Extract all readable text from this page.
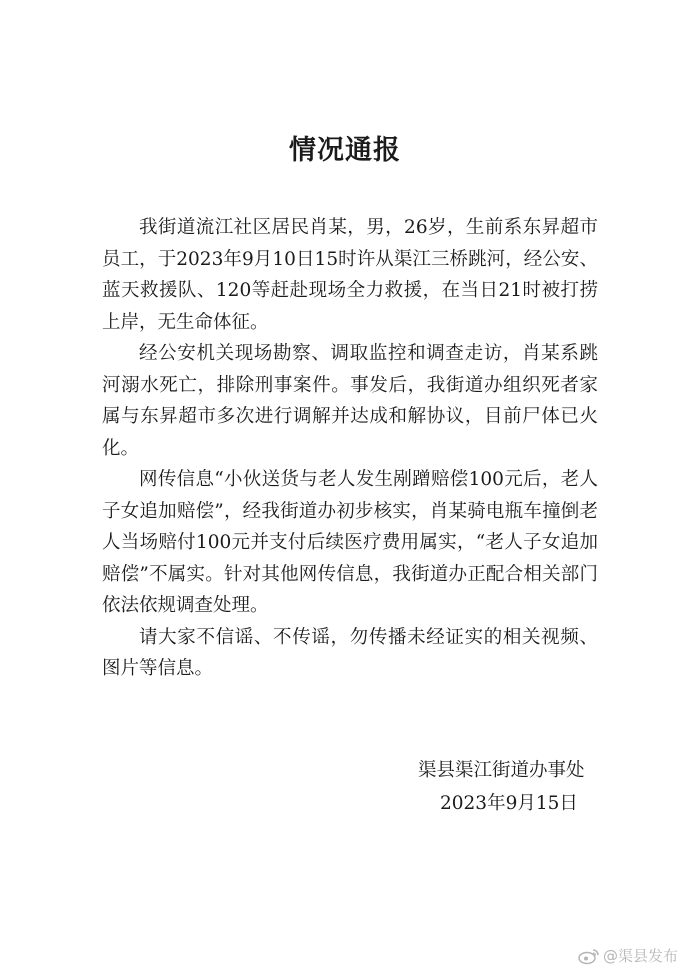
情况通报

我街道流江社区居民肖某，男，26岁，生前系东昇超市员工，于2023年9月10日15时许从渠江三桥跳河，经公安、蓝天救援队、120等赶赴现场全力救援，在当日21时被打捞上岸，无生命体征。

经公安机关现场勘察、调取监控和调查走访，肖某系跳河溺水死亡，排除刑事案件。事发后，我街道办组织死者家属与东昇超市多次进行调解并达成和解协议，目前尸体已火化。

网传信息“小伙送货与老人发生剐蹭赔偿100元后，老人子女追加赔偿”，经我街道办初步核实，肖某骑电瓶车撞倒老人当场赔付100元并支付后续医疗费用属实，“老人子女追加赔偿”不属实。针对其他网传信息，我街道办正配合相关部门依法依规调查处理。

请大家不信谣、不传谣，勿传播未经证实的相关视频、图片等信息。

渠县渠江街道办事处
2023年9月15日
@渠县发布
